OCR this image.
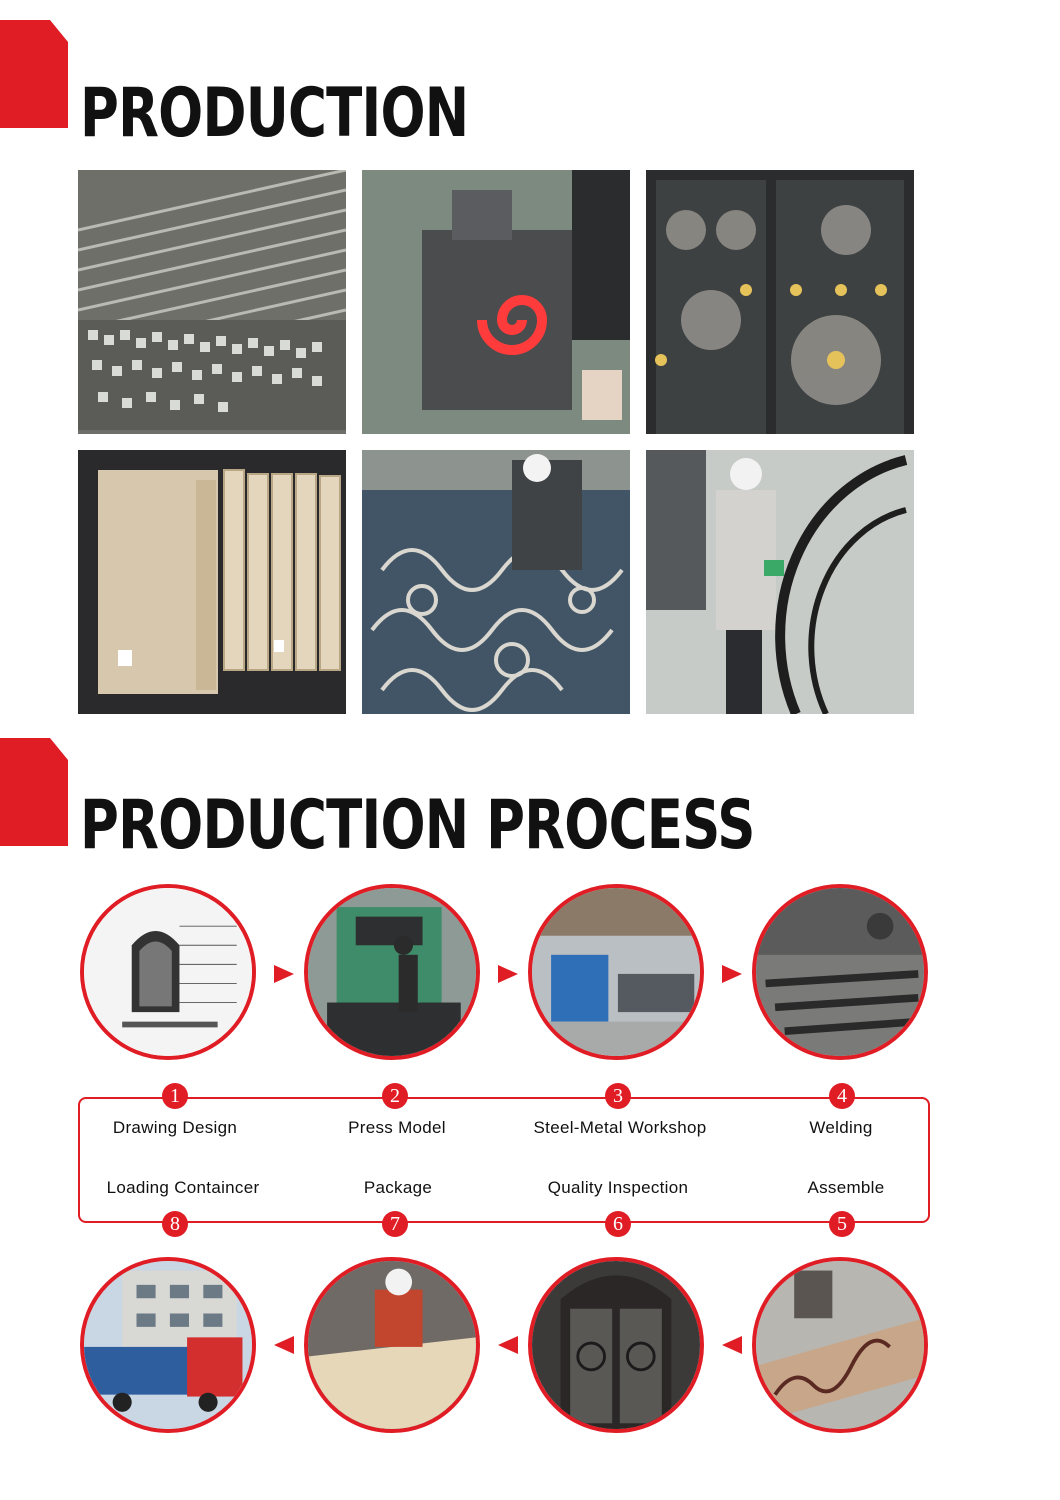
PRODUCTION
PRODUCTION PROCESS
1	2	3	4
Drawing Design	Press Model	Steel-Metal Workshop	Welding
Loading Containcer	Package	Quality Inspection	Assemble
8	7	6	5
